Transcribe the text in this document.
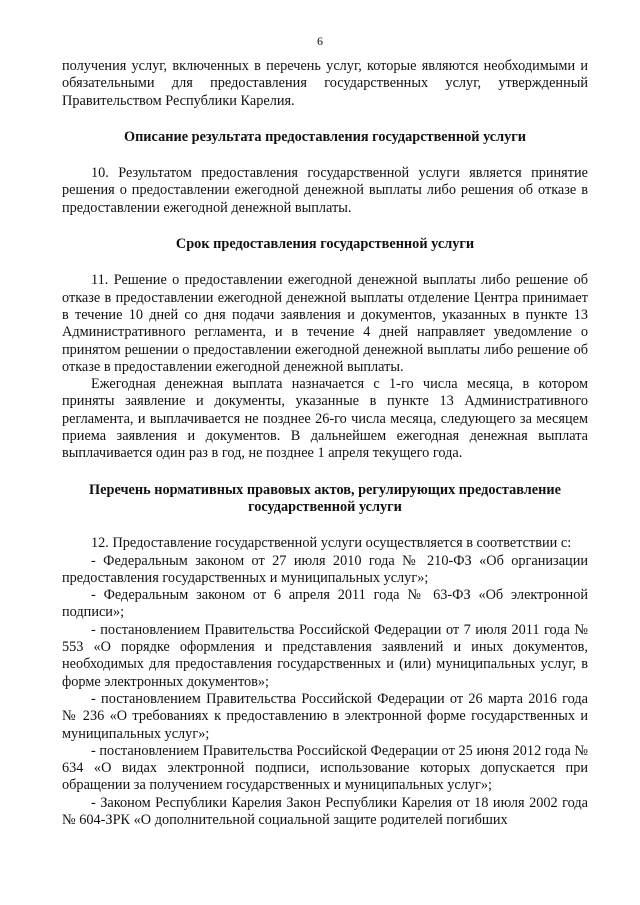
6

получения услуг, включенных в перечень услуг, которые являются необходимыми и обязательными для предоставления государственных услуг, утвержденный Правительством Республики Карелия.

Описание результата предоставления государственной услуги

10. Результатом предоставления государственной услуги является принятие решения о предоставлении ежегодной денежной выплаты либо решения об отказе в предоставлении ежегодной денежной выплаты.

Срок предоставления государственной услуги

11. Решение о предоставлении ежегодной денежной выплаты либо решение об отказе в предоставлении ежегодной денежной выплаты отделение Центра принимает в течение 10 дней со дня подачи заявления и документов, указанных в пункте 13 Административного регламента, и в течение 4 дней направляет уведомление о принятом решении о предоставлении ежегодной денежной выплаты либо решение об отказе в предоставлении ежегодной денежной выплаты.

Ежегодная денежная выплата назначается с 1-го числа месяца, в котором приняты заявление и документы, указанные в пункте 13 Административного регламента, и выплачивается не позднее 26-го числа месяца, следующего за месяцем приема заявления и документов. В дальнейшем ежегодная денежная выплата выплачивается один раз в год, не позднее 1 апреля текущего года.

Перечень нормативных правовых актов, регулирующих предоставление государственной услуги

12. Предоставление государственной услуги осуществляется в соответствии с:

- Федеральным законом от 27 июля 2010 года № 210-ФЗ «Об организации предоставления государственных и муниципальных услуг»;

- Федеральным законом от 6 апреля 2011 года № 63-ФЗ «Об электронной подписи»;

- постановлением Правительства Российской Федерации от 7 июля 2011 года № 553 «О порядке оформления и представления заявлений и иных документов, необходимых для предоставления государственных и (или) муниципальных услуг, в форме электронных документов»;

- постановлением Правительства Российской Федерации от 26 марта 2016 года № 236 «О требованиях к предоставлению в электронной форме государственных и муниципальных услуг»;

- постановлением Правительства Российской Федерации от 25 июня 2012 года № 634 «О видах электронной подписи, использование которых допускается при обращении за получением государственных и муниципальных услуг»;

- Законом Республики Карелия Закон Республики Карелия от 18 июля 2002 года № 604-ЗРК «О дополнительной социальной защите родителей погибших
